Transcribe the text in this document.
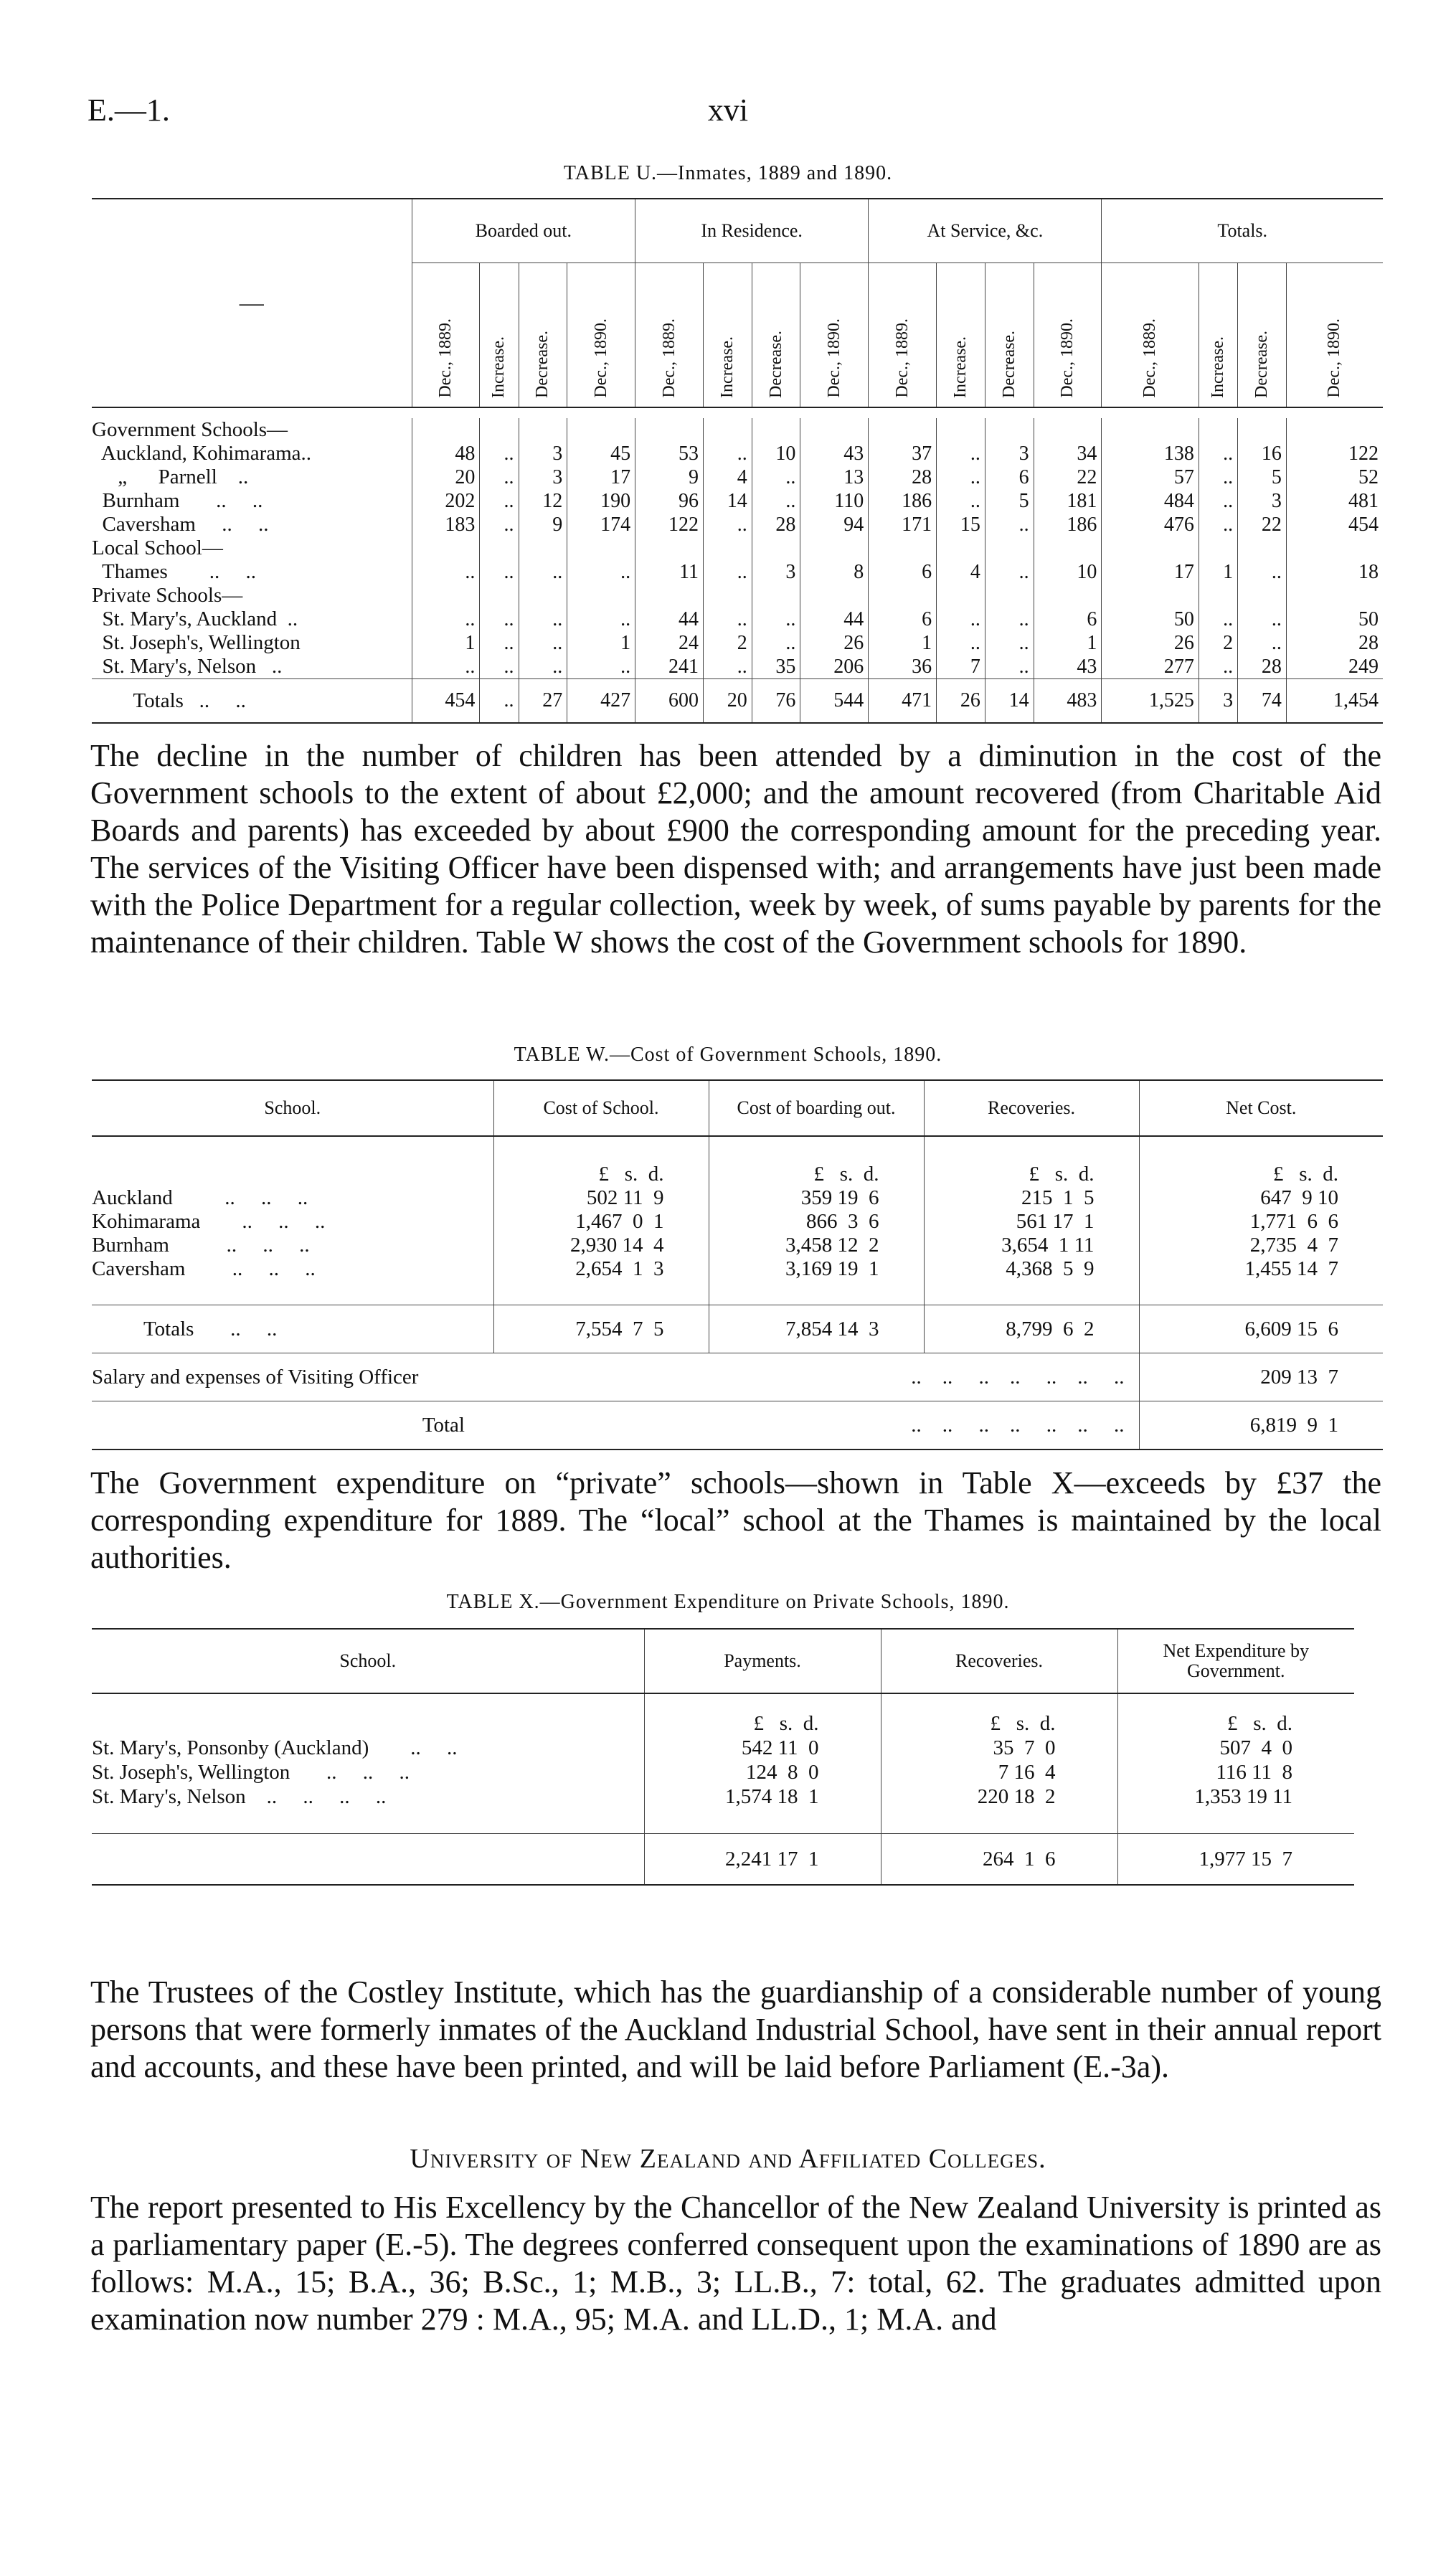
E.—1.	xvi
TABLE U.—Inmates, 1889 and 1890.
—	Boarded out.				In Residence.				At Service, &c.				Totals.			

	Dec., 1889.	Increase.	Decrease.	Dec., 1890.	Dec., 1889.	Increase.	Decrease.	Dec., 1890.	Dec., 1889.	Increase.	Decrease.	Dec., 1890.	Dec., 1889.	Increase.	Decrease.	Dec., 1890.

Government Schools—																
Auckland, Kohimarama..	48	..	3	45	53	..	10	43	37	..	3	34	138	..	16	122
„      Parnell    ..	20	..	3	17	9	4	..	13	28	..	6	22	57	..	5	52
Burnham       ..     ..	202	..	12	190	96	14	..	110	186	..	5	181	484	..	3	481
Caversham     ..     ..	183	..	9	174	122	..	28	94	171	15	..	186	476	..	22	454
Local School—																
Thames        ..     ..	..	..	..	..	11	..	3	8	6	4	..	10	17	1	..	18
Private Schools—																
St. Mary's, Auckland  ..	..	..	..	..	44	..	..	44	6	..	..	6	50	..	..	50
St. Joseph's, Wellington	1	..	..	1	24	2	..	26	1	..	..	1	26	2	..	28
St. Mary's, Nelson   ..	..	..	..	..	241	..	35	206	36	7	..	43	277	..	28	249
Totals   ..     ..	454	..	27	427	600	20	76	544	471	26	14	483	1,525	3	74	1,454
The decline in the number of children has been attended by a diminution in the cost of the Government schools to the extent of about £2,000; and the amount recovered (from Charitable Aid Boards and parents) has exceeded by about £900 the corresponding amount for the preceding year. The services of the Visiting Officer have been dispensed with; and arrangements have just been made with the Police Department for a regular collection, week by week, of sums payable by parents for the maintenance of their children. Table W shows the cost of the Government schools for 1890.
TABLE W.—Cost of Government Schools, 1890.
School.	Cost of School.	Cost of boarding out.	Recoveries.	Net Cost.
	£   s.  d.	£   s.  d.	£   s.  d.	£   s.  d.
Auckland          ..     ..     ..	502 11  9	359 19  6	215  1  5	647  9 10
Kohimarama        ..     ..     ..	1,467  0  1	866  3  6	561 17  1	1,771  6  6
Burnham           ..     ..     ..	2,930 14  4	3,458 12  2	3,654  1 11	2,735  4  7
Caversham         ..     ..     ..	2,654  1  3	3,169 19  1	4,368  5  9	1,455 14  7

Totals       ..     ..	7,554  7  5	7,854 14  3	8,799  6  2	6,609 15  6
Salary and expenses of Visiting Officer	..    ..     ..    ..     ..    ..     ..			209 13  7
Total	..    ..     ..    ..     ..    ..     ..			6,819  9  1
The Government expenditure on “private” schools—shown in Table X—exceeds by £37 the corresponding expenditure for 1889. The “local” school at the Thames is maintained by the local authorities.
TABLE X.—Government Expenditure on Private Schools, 1890.
School.	Payments.	Recoveries.	Net Expenditure by Government.
	£   s.  d.	£   s.  d.	£   s.  d.
St. Mary's, Ponsonby (Auckland)        ..     ..	542 11  0	35  7  0	507  4  0
St. Joseph's, Wellington       ..     ..     ..	124  8  0	7 16  4	116 11  8
St. Mary's, Nelson    ..     ..     ..     ..	1,574 18  1	220 18  2	1,353 19 11

	2,241 17  1	264  1  6	1,977 15  7
The Trustees of the Costley Institute, which has the guardianship of a considerable number of young persons that were formerly inmates of the Auckland Industrial School, have sent in their annual report and accounts, and these have been printed, and will be laid before Parliament (E.-3a).
University of New Zealand and Affiliated Colleges.
The report presented to His Excellency by the Chancellor of the New Zealand University is printed as a parliamentary paper (E.-5). The degrees conferred consequent upon the examinations of 1890 are as follows: M.A., 15; B.A., 36; B.Sc., 1; M.B., 3; LL.B., 7: total, 62. The graduates admitted upon examination now number 279 : M.A., 95; M.A. and LL.D., 1; M.A. and
